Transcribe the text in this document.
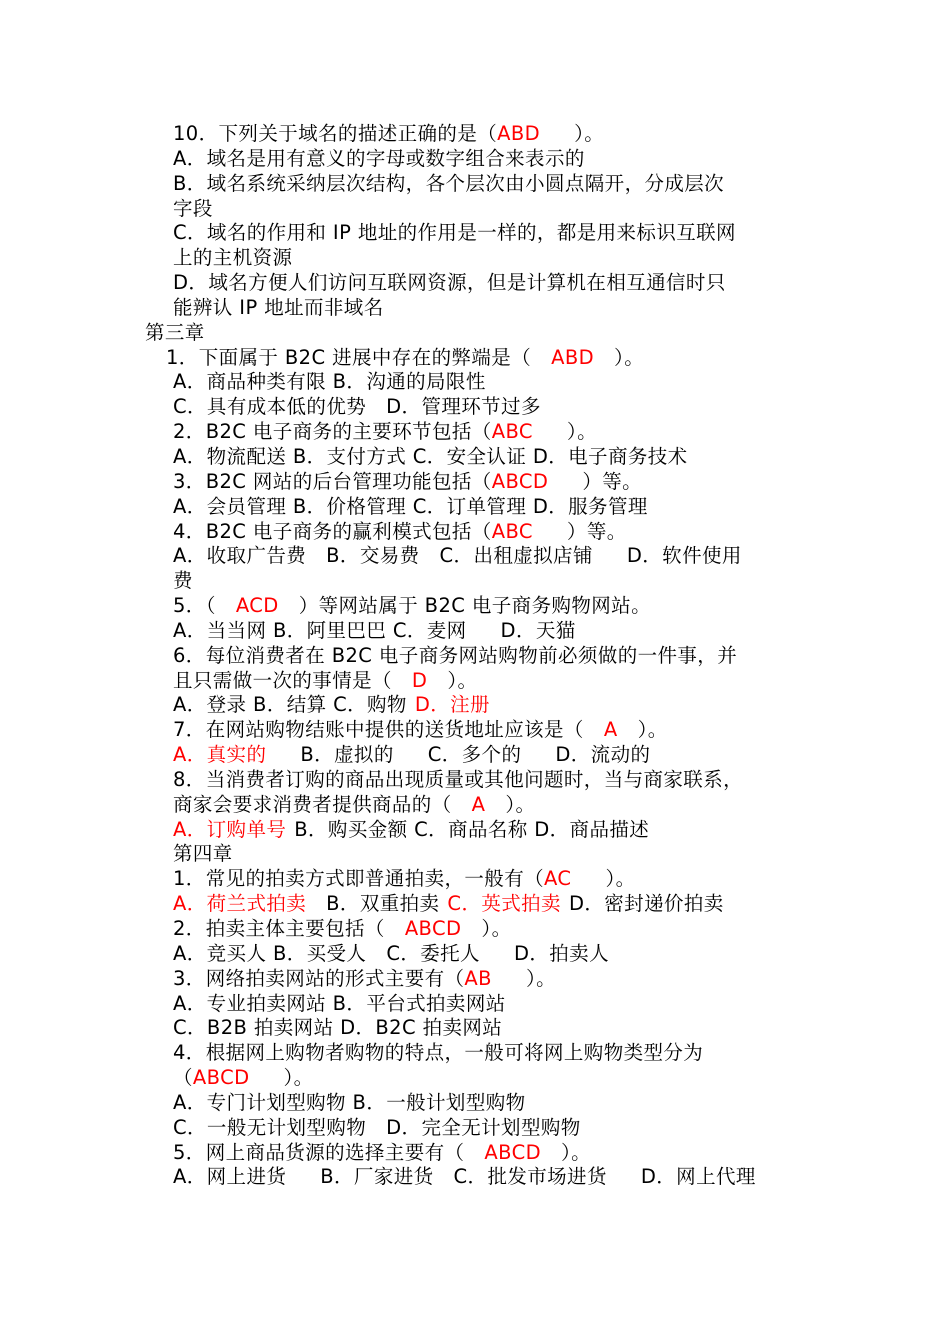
10．下列关于域名的描述正确的是（ABD ）。
A．域名是用有意义的字母或数字组合来表示的
B．域名系统采纳层次结构，各个层次由小圆点隔开，分成层次
字段
C．域名的作用和 IP 地址的作用是一样的，都是用来标识互联网
上的主机资源
D．域名方便人们访问互联网资源，但是计算机在相互通信时只
能辨认 IP 地址而非域名
第三章
1．下面属于 B2C 进展中存在的弊端是（ ABD ）。
A．商品种类有限 B．沟通的局限性
C．具有成本低的优势 D．管理环节过多
2．B2C 电子商务的主要环节包括（ABC ）。
A．物流配送 B．支付方式 C．安全认证 D．电子商务技术
3．B2C 网站的后台管理功能包括（ABCD ）等。
A．会员管理 B．价格管理 C．订单管理 D．服务管理
4．B2C 电子商务的赢利模式包括（ABC ）等。
A．收取广告费 B．交易费 C．出租虚拟店铺 D．软件使用
费
5．（ ACD ）等网站属于 B2C 电子商务购物网站。
A．当当网 B．阿里巴巴 C．麦网 D．天猫
6．每位消费者在 B2C 电子商务网站购物前必须做的一件事，并
且只需做一次的事情是（ D ）。
A．登录 B．结算 C．购物 D．注册
7．在网站购物结账中提供的送货地址应该是（ A ）。
A．真实的 B．虚拟的 C．多个的 D．流动的
8．当消费者订购的商品出现质量或其他问题时，当与商家联系，
商家会要求消费者提供商品的（ A ）。
A．订购单号 B．购买金额 C．商品名称 D．商品描述
第四章
1．常见的拍卖方式即普通拍卖，一般有（AC ）。
A．荷兰式拍卖 B．双重拍卖 C．英式拍卖 D．密封递价拍卖
2．拍卖主体主要包括（ ABCD ）。
A．竞买人 B．买受人 C．委托人 D．拍卖人
3．网络拍卖网站的形式主要有（AB ）。
A．专业拍卖网站 B．平台式拍卖网站
C．B2B 拍卖网站 D．B2C 拍卖网站
4．根据网上购物者购物的特点，一般可将网上购物类型分为
（ABCD ）。
A．专门计划型购物 B．一般计划型购物
C．一般无计划型购物 D．完全无计划型购物
5．网上商品货源的选择主要有（ ABCD ）。
A．网上进货 B．厂家进货 C．批发市场进货 D．网上代理
